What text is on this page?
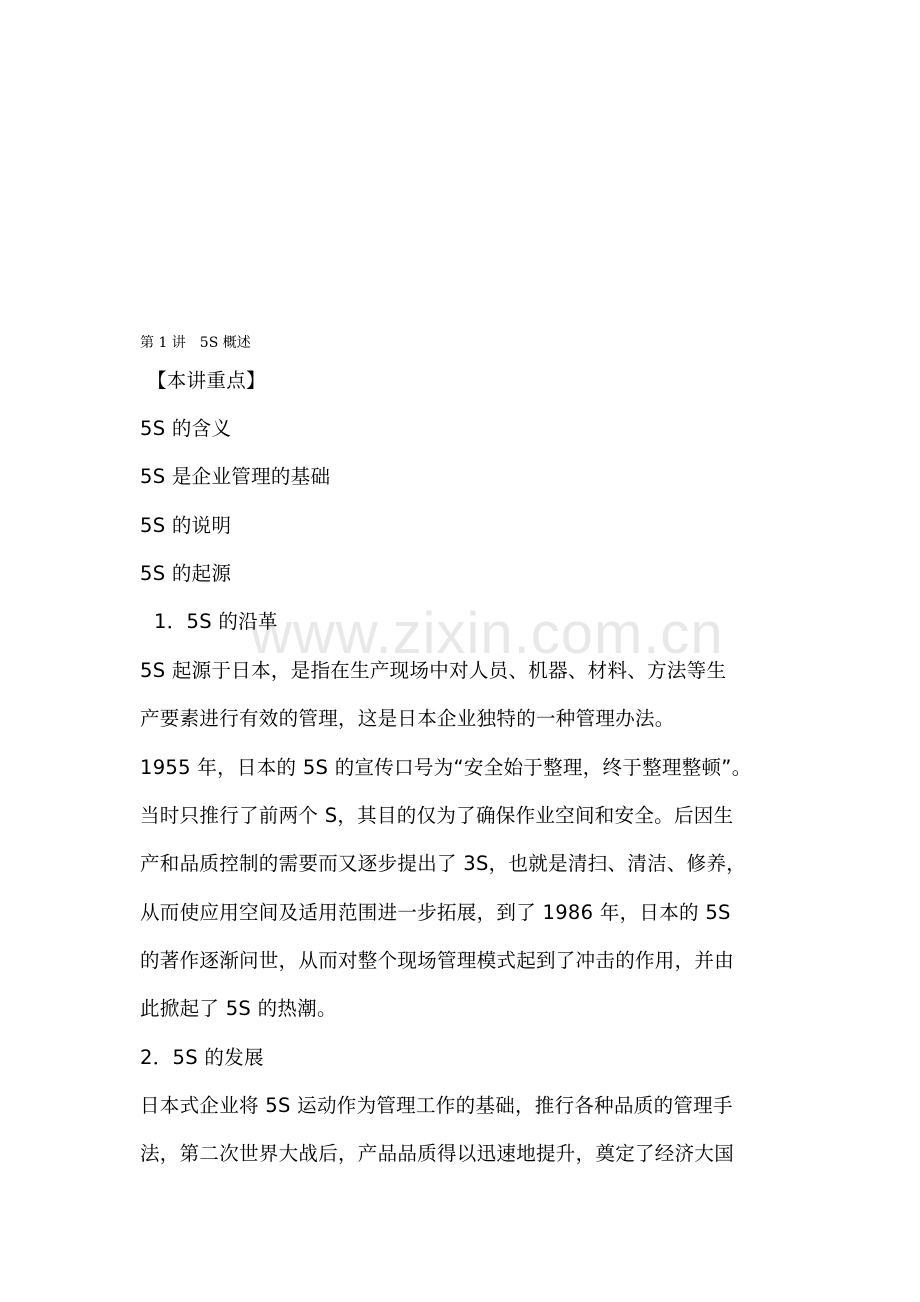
www.zixin.com.cn

第 1 讲　5S 概述

【本讲重点】

5S 的含义

5S 是企业管理的基础

5S 的说明

5S 的起源

1．5S 的沿革

5S 起源于日本，是指在生产现场中对人员、机器、材料、方法等生

产要素进行有效的管理，这是日本企业独特的一种管理办法。

1955 年，日本的 5S 的宣传口号为“安全始于整理，终于整理整顿”。

当时只推行了前两个 S，其目的仅为了确保作业空间和安全。后因生

产和品质控制的需要而又逐步提出了 3S，也就是清扫、清洁、修养，

从而使应用空间及适用范围进一步拓展，到了 1986 年，日本的 5S

的著作逐渐问世，从而对整个现场管理模式起到了冲击的作用，并由

此掀起了 5S 的热潮。

2．5S 的发展

日本式企业将 5S 运动作为管理工作的基础，推行各种品质的管理手

法，第二次世界大战后，产品品质得以迅速地提升，奠定了经济大国
